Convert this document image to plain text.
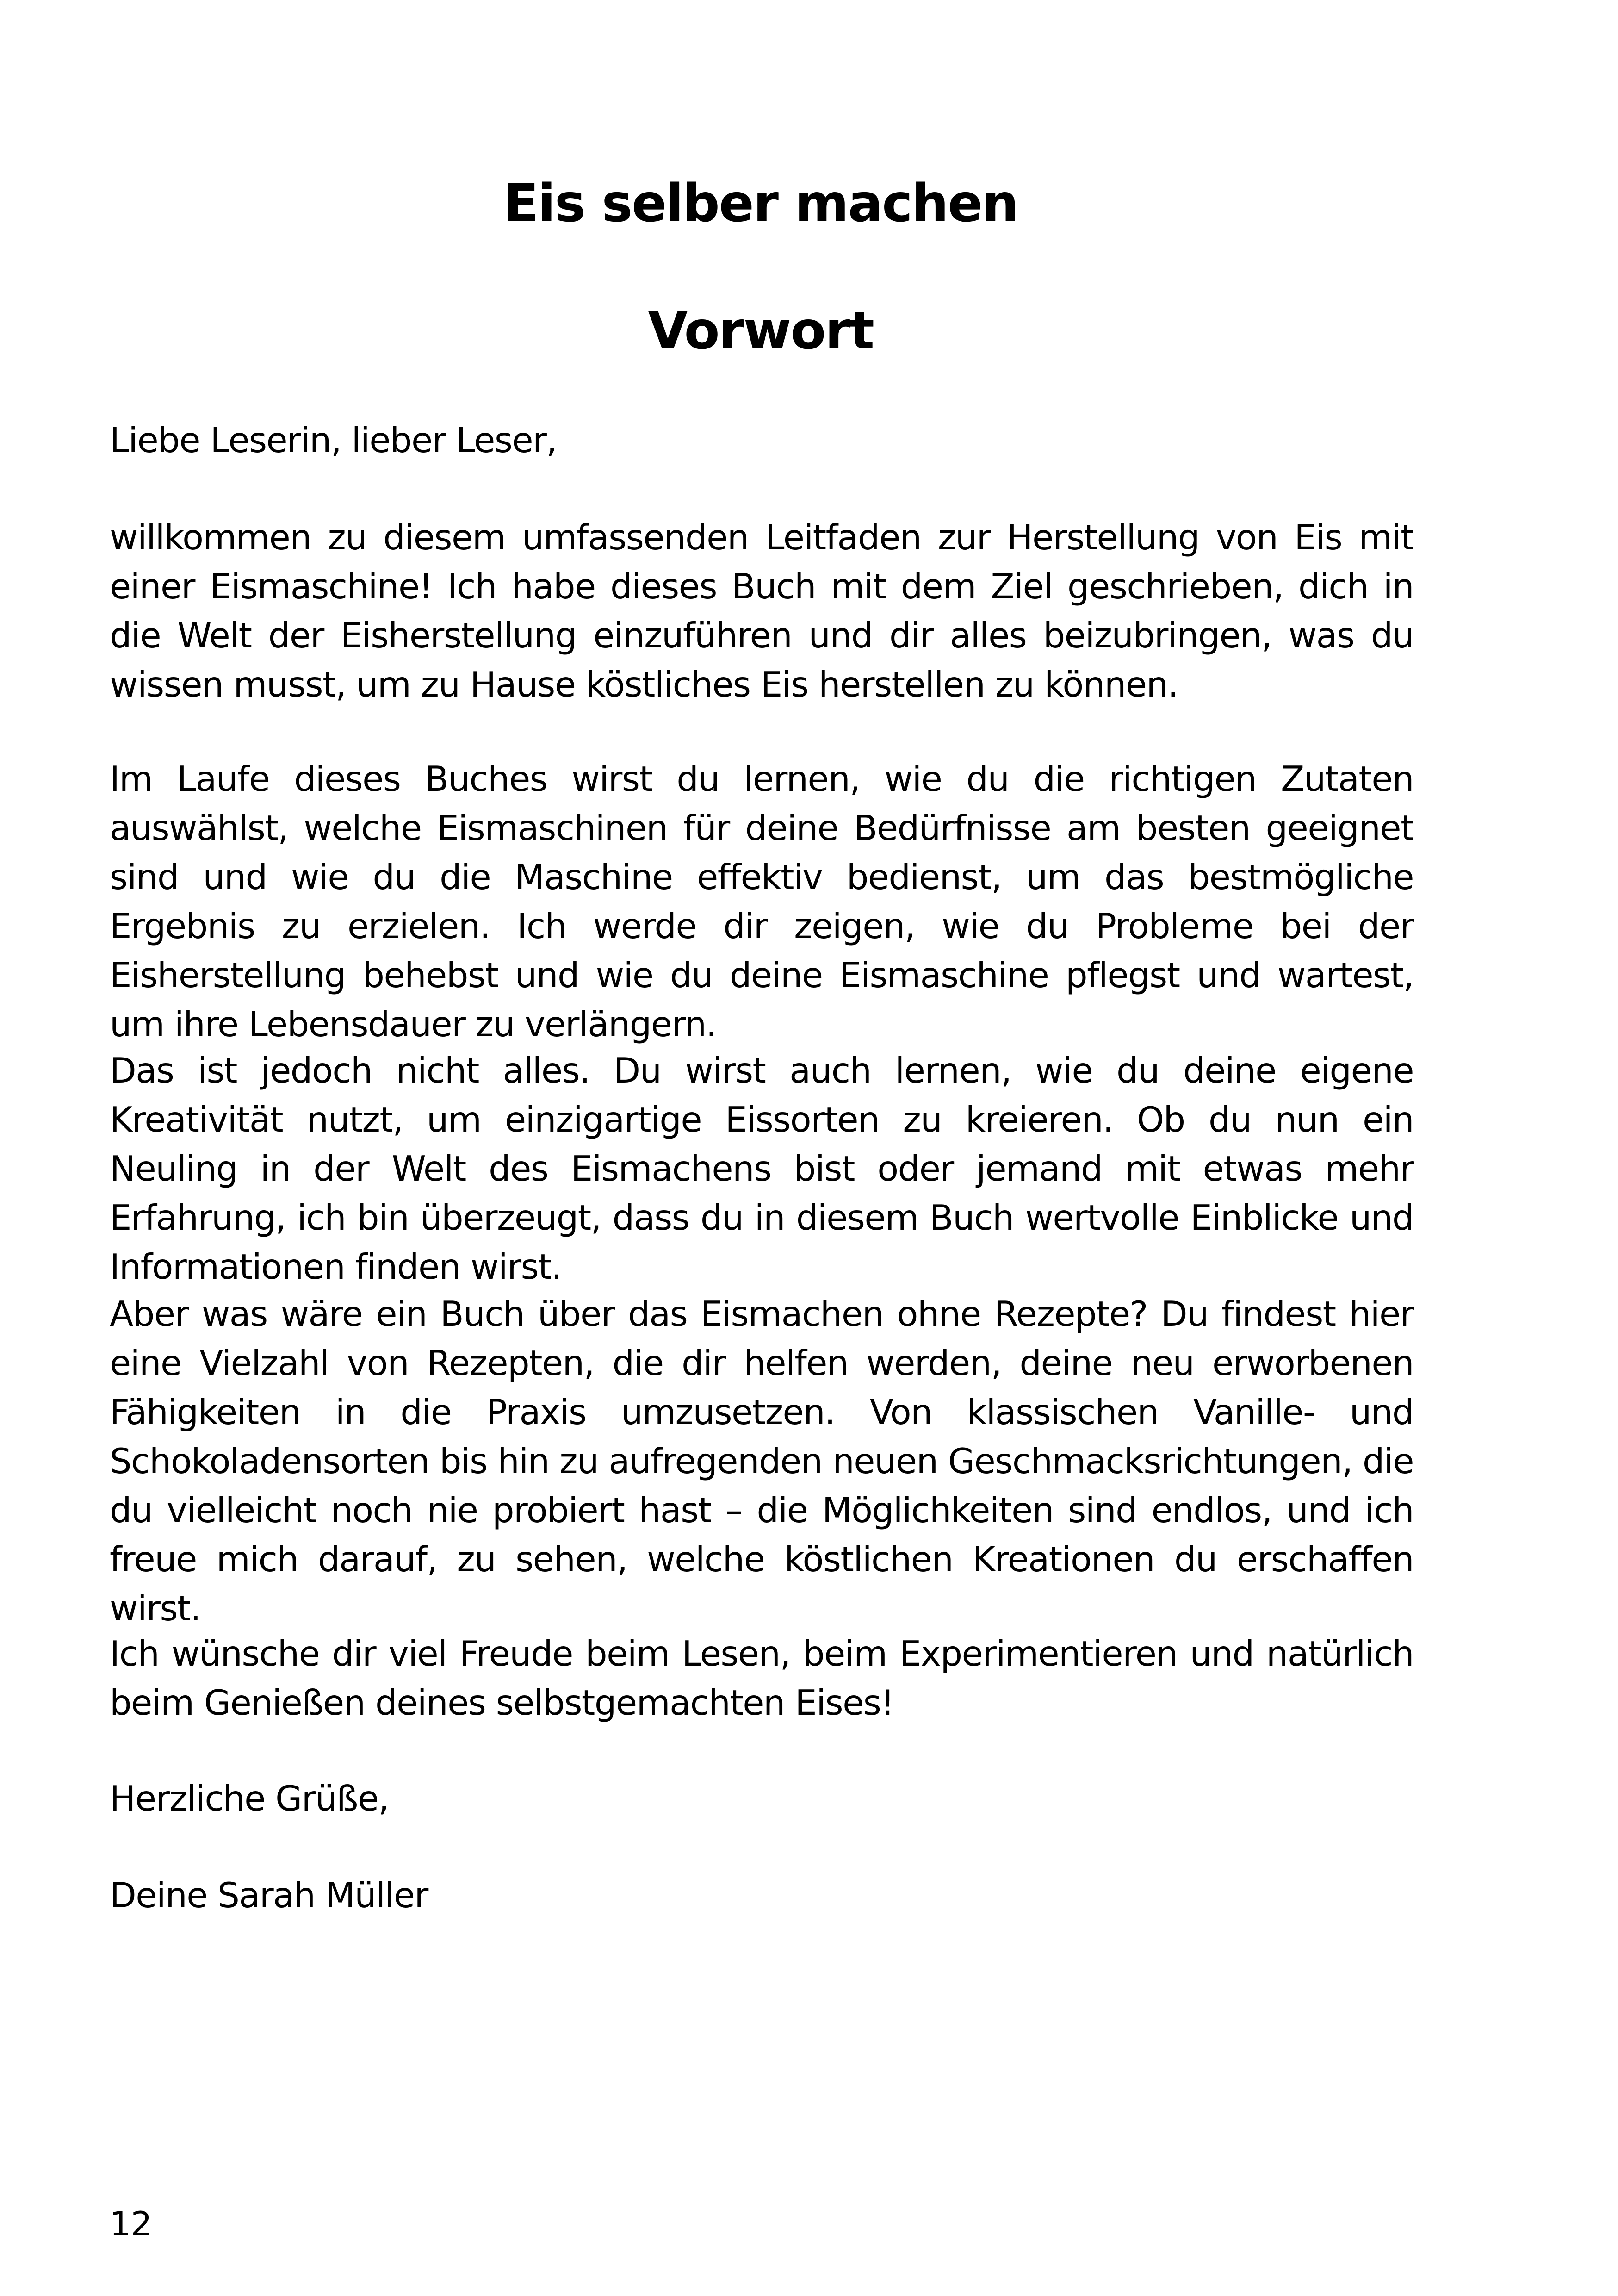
Eis selber machen
Vorwort
Liebe Leserin, lieber Leser,

willkommen zu diesem umfassenden Leitfaden zur Herstellung von Eis mit einer Eismaschine! Ich habe dieses Buch mit dem Ziel geschrieben, dich in die Welt der Eisherstellung einzuführen und dir alles beizubringen, was du wissen musst, um zu Hause köstliches Eis herstellen zu können.

Im Laufe dieses Buches wirst du lernen, wie du die richtigen Zutaten auswählst, welche Eismaschinen für deine Bedürfnisse am besten geeignet sind und wie du die Maschine effektiv bedienst, um das bestmögliche Ergebnis zu erzielen. Ich werde dir zeigen, wie du Probleme bei der Eisherstellung behebst und wie du deine Eismaschine pflegst und wartest, um ihre Lebensdauer zu verlängern.

Das ist jedoch nicht alles. Du wirst auch lernen, wie du deine eigene Kreativität nutzt, um einzigartige Eissorten zu kreieren. Ob du nun ein Neuling in der Welt des Eismachens bist oder jemand mit etwas mehr Erfahrung, ich bin überzeugt, dass du in diesem Buch wertvolle Einblicke und Informationen finden wirst.

Aber was wäre ein Buch über das Eismachen ohne Rezepte? Du findest hier eine Vielzahl von Rezepten, die dir helfen werden, deine neu erworbenen Fähigkeiten in die Praxis umzusetzen. Von klassischen Vanille- und Schokoladensorten bis hin zu aufregenden neuen Geschmacksrichtungen, die du vielleicht noch nie probiert hast – die Möglichkeiten sind endlos, und ich freue mich darauf, zu sehen, welche köstlichen Kreationen du erschaffen wirst.

Ich wünsche dir viel Freude beim Lesen, beim Experimentieren und natürlich beim Genießen deines selbstgemachten Eises!

Herzliche Grüße,
Deine Sarah Müller
12
